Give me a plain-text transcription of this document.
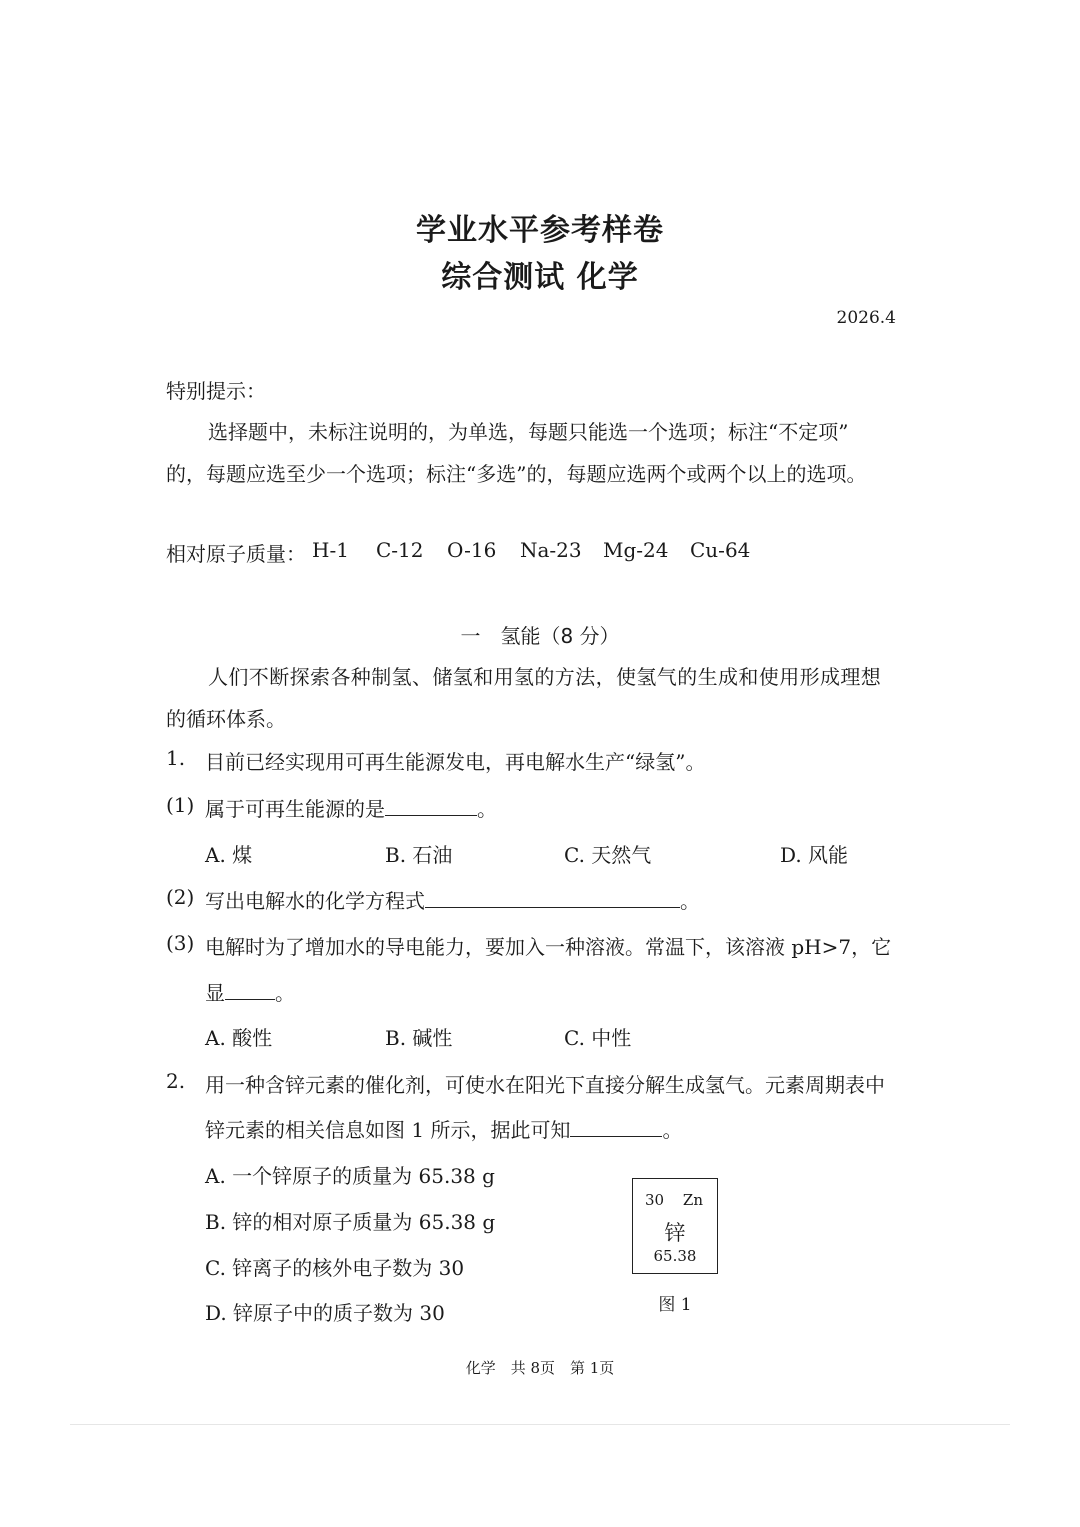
学业水平参考样卷
综合测试 化学
2026.4
特别提示：
选择题中，未标注说明的，为单选，每题只能选一个选项；标注“不定项”
的，每题应选至少一个选项；标注“多选”的，每题应选两个或两个以上的选项。
相对原子质量： H-1 C-12 O-16 Na-23 Mg-24 Cu-64
一　氢能（8 分）
人们不断探索各种制氢、储氢和用氢的方法，使氢气的生成和使用形成理想
的循环体系。
1. 目前已经实现用可再生能源发电，再电解水生产“绿氢”。
(1) 属于可再生能源的是	。
A. 煤	B. 石油	C. 天然气	D. 风能
(2) 写出电解水的化学方程式	。
(3) 电解时为了增加水的导电能力，要加入一种溶液。常温下，该溶液 pH>7，它
显	。
A. 酸性	B. 碱性	C. 中性
2. 用一种含锌元素的催化剂，可使水在阳光下直接分解生成氢气。元素周期表中
锌元素的相关信息如图 1 所示，据此可知	。
A. 一个锌原子的质量为 65.38 g
B. 锌的相对原子质量为 65.38 g
C. 锌离子的核外电子数为 30
D. 锌原子中的质子数为 30
30 Zn
锌
65.38
图 1
化学　共 8页　第 1页
